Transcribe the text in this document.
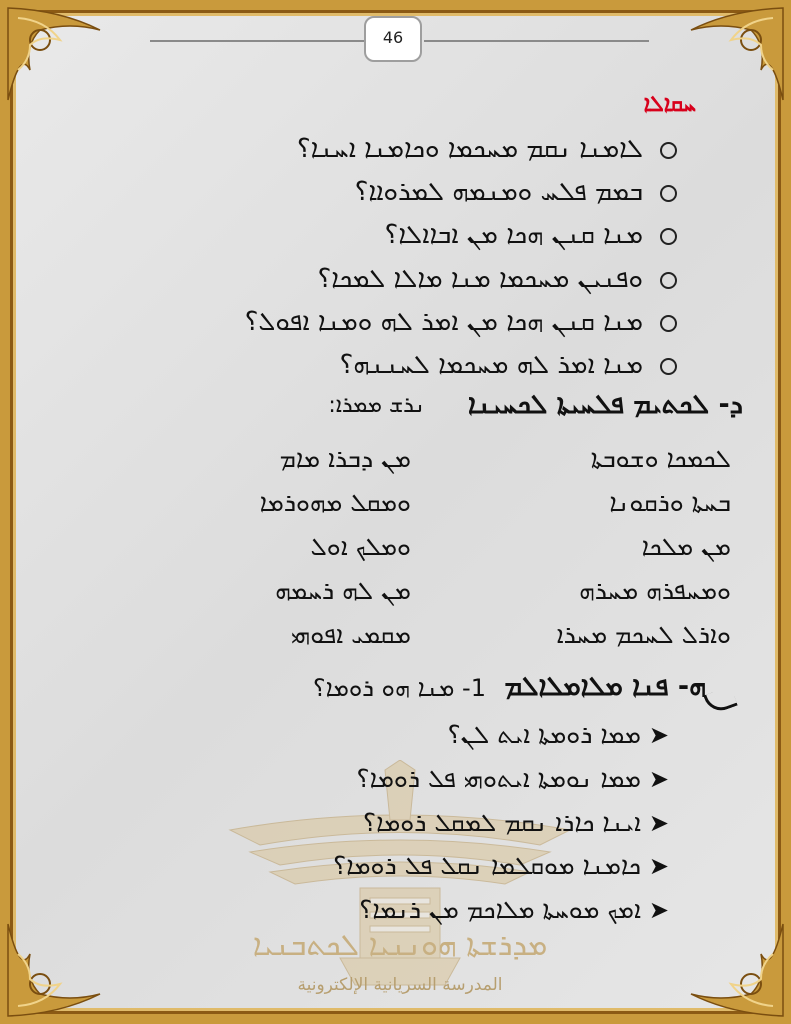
46
ܡܕܪܫܬܐ ܗܘܢܢܝܐ ܠܟܬܒܢܝܐ
المدرسة السريانية الإلكترونية
ܚܩܐܠܐ
ܠܐܡܢܐ ܢܩܡ ܡܚܟܡܐ ܘܟܐܡܢܐ ܐܚܢܐ؟
ܒܡܡ ܦܠܚ ܘܡܢܡܗ ܠܡܪܘܐܐ؟
ܡܢܐ ܩܢܢ ܗܟܐ ܡܢ ܐܒܐܐܠܐ؟
ܘܦܢܝܢ ܡܚܟܡܐ ܡܢܐ ܡܐܠܐ ܠܡܟܐ؟
ܡܢܐ ܩܢܢ ܗܟܐ ܡܢ ܐܡܪ ܠܗ ܘܡܢܐ ܐܦܘܠ؟
ܡܢܐ ܐܡܪ ܠܗ ܡܚܟܡܐ ܠܚܢܢܗ؟
ܕ- ܠܟܬܝܡ ܦܠܚܝܬܐ ܠܟܚܝܢܐ
ܢܪܫ ܡܡܪܐ:
ܡܢ ܕܒܪܐ ܡܐܡ	ܠܟܡܟܐ ܘܫܘܒܬܐ
ܘܡܩܠ ܡܗܘܪܡܐ	ܒܚܬܐ ܘܪܩܘܢܐ
ܘܡܠܟ ܐܘܠ	ܡܢ ܡܠܟܐ
ܡܢ ܠܗ ܪܚܡܗ	ܘܡܚܦܪܗ ܡܚܪܗ
ܡܩܡܝ ܐܦܘܗܝ	ܘܐܪܠ ܠܚܟܡ ܡܚܪܐ
ܗ- ܦܢܐ ܡܠܐܡܠܐܠܡ
1- ܡܢܐ ܗܘ ܪܘܡܐ؟
➤
ܡܡܐ ܪܘܡܬܐ ܐܝܬ ܠܢ؟
➤
ܡܡܐ ܢܘܡܬܐ ܐܝܬܘܗܝ ܦܠ ܪܘܡܐ؟
➤
ܐܝܢܐ ܟܐܪܐ ܢܩܡ ܠܡܩܠ ܪܘܡܐ؟
➤
ܟܐܡܢܐ ܡܘܩܠܡܐ ܢܩܠ ܦܠ ܪܘܡܐ؟
➤
ܐܡܟ ܡܘܚܬܐ ܡܠܐܟܡ ܡܢ ܪܢܡܐ؟
